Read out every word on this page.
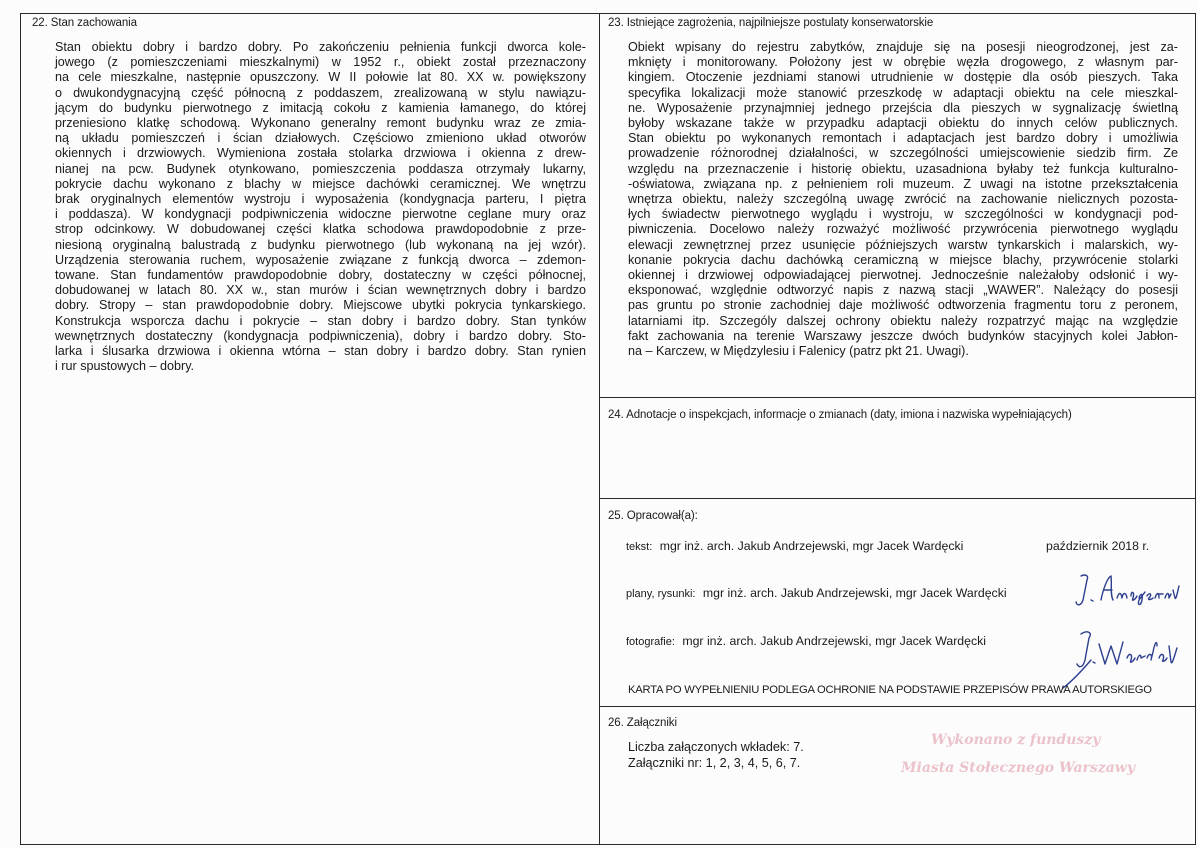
22. Stan zachowania
Stan obiektu dobry i bardzo dobry. Po zakończeniu pełnienia funkcji dworca kole-
jowego (z pomieszczeniami mieszkalnymi) w 1952 r., obiekt został przeznaczony
na cele mieszkalne, następnie opuszczony. W II połowie lat 80. XX w. powiększony
o dwukondygnacyjną część północną z poddaszem, zrealizowaną w stylu nawiązu-
jącym do budynku pierwotnego z imitacją cokołu z kamienia łamanego, do której
przeniesiono klatkę schodową. Wykonano generalny remont budynku wraz ze zmia-
ną układu pomieszczeń i ścian działowych. Częściowo zmieniono układ otworów
okiennych i drzwiowych. Wymieniona została stolarka drzwiowa i okienna z drew-
nianej na pcw. Budynek otynkowano, pomieszczenia poddasza otrzymały lukarny,
pokrycie dachu wykonano z blachy w miejsce dachówki ceramicznej. We wnętrzu
brak oryginalnych elementów wystroju i wyposażenia (kondygnacja parteru, I piętra
i poddasza). W kondygnacji podpiwniczenia widoczne pierwotne ceglane mury oraz
strop odcinkowy. W dobudowanej części klatka schodowa prawdopodobnie z prze-
niesioną oryginalną balustradą z budynku pierwotnego (lub wykonaną na jej wzór).
Urządzenia sterowania ruchem, wyposażenie związane z funkcją dworca – zdemon-
towane. Stan fundamentów prawdopodobnie dobry, dostateczny w części północnej,
dobudowanej w latach 80. XX w., stan murów i ścian wewnętrznych dobry i bardzo
dobry. Stropy – stan prawdopodobnie dobry. Miejscowe ubytki pokrycia tynkarskiego.
Konstrukcja wsporcza dachu i pokrycie – stan dobry i bardzo dobry. Stan tynków
wewnętrznych dostateczny (kondygnacja podpiwniczenia), dobry i bardzo dobry. Sto-
larka i ślusarka drzwiowa i okienna wtórna – stan dobry i bardzo dobry. Stan rynien
i rur spustowych – dobry.
23. Istniejące zagrożenia, najpilniejsze postulaty konserwatorskie
Obiekt wpisany do rejestru zabytków, znajduje się na posesji nieogrodzonej, jest za-
mknięty i monitorowany. Położony jest w obrębie węzła drogowego, z własnym par-
kingiem. Otoczenie jezdniami stanowi utrudnienie w dostępie dla osób pieszych. Taka
specyfika lokalizacji może stanowić przeszkodę w adaptacji obiektu na cele mieszkal-
ne. Wyposażenie przynajmniej jednego przejścia dla pieszych w sygnalizację świetlną
byłoby wskazane także w przypadku adaptacji obiektu do innych celów publicznych.
Stan obiektu po wykonanych remontach i adaptacjach jest bardzo dobry i umożliwia
prowadzenie różnorodnej działalności, w szczególności umiejscowienie siedzib firm. Ze
względu na przeznaczenie i historię obiektu, uzasadniona byłaby też funkcja kulturalno-
-oświatowa, związana np. z pełnieniem roli muzeum. Z uwagi na istotne przekształcenia
wnętrza obiektu, należy szczególną uwagę zwrócić na zachowanie nielicznych pozosta-
łych świadectw pierwotnego wyglądu i wystroju, w szczególności w kondygnacji pod-
piwniczenia. Docelowo należy rozważyć możliwość przywrócenia pierwotnego wyglądu
elewacji zewnętrznej przez usunięcie późniejszych warstw tynkarskich i malarskich, wy-
konanie pokrycia dachu dachówką ceramiczną w miejsce blachy, przywrócenie stolarki
okiennej i drzwiowej odpowiadającej pierwotnej. Jednocześnie należałoby odsłonić i wy-
eksponować, względnie odtworzyć napis z nazwą stacji „WAWER”. Należący do posesji
pas gruntu po stronie zachodniej daje możliwość odtworzenia fragmentu toru z peronem,
latarniami itp. Szczególy dalszej ochrony obiektu należy rozpatrzyć mając na względzie
fakt zachowania na terenie Warszawy jeszcze dwóch budynków stacyjnych kolei Jabłon-
na – Karczew, w Międzylesiu i Falenicy (patrz pkt 21. Uwagi).
24. Adnotacje o inspekcjach, informacje o zmianach (daty, imiona i nazwiska wypełniających)
25. Opracował(a):
tekst: mgr inż. arch. Jakub Andrzejewski, mgr Jacek Wardęcki	październik 2018 r.
plany, rysunki: mgr inż. arch. Jakub Andrzejewski, mgr Jacek Wardęcki
fotografie: mgr inż. arch. Jakub Andrzejewski, mgr Jacek Wardęcki
KARTA PO WYPEŁNIENIU PODLEGA OCHRONIE NA PODSTAWIE PRZEPISÓW PRAWA AUTORSKIEGO
26. Załączniki
Liczba załączonych wkładek: 7.
Załączniki nr: 1, 2, 3, 4, 5, 6, 7.
Wykonano z funduszy
Miasta Stołecznego Warszawy
